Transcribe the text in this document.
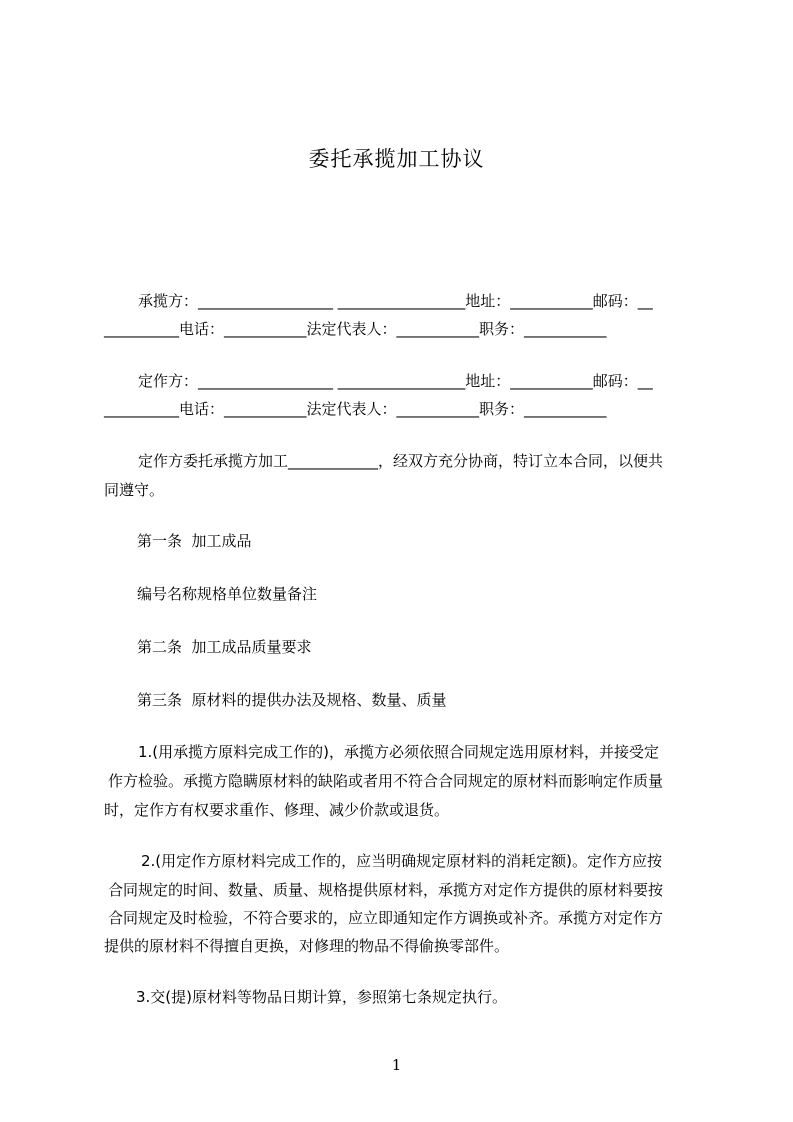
委托承揽加工协议
承揽方：__________________ _________________地址：___________邮码：__
__________电话：___________法定代表人：___________职务：___________
定作方：__________________ _________________地址：___________邮码：__
__________电话：___________法定代表人：___________职务：___________
定作方委托承揽方加工____________，经双方充分协商，特订立本合同，以便共
同遵守。
第一条  加工成品
编号名称规格单位数量备注
第二条  加工成品质量要求
第三条  原材料的提供办法及规格、数量、质量
1.(用承揽方原料完成工作的)，承揽方必须依照合同规定选用原材料，并接受定
作方检验。承揽方隐瞒原材料的缺陷或者用不符合合同规定的原材料而影响定作质量
时，定作方有权要求重作、修理、减少价款或退货。
2.(用定作方原材料完成工作的，应当明确规定原材料的消耗定额)。定作方应按
合同规定的时间、数量、质量、规格提供原材料，承揽方对定作方提供的原材料要按
合同规定及时检验，不符合要求的，应立即通知定作方调换或补齐。承揽方对定作方
提供的原材料不得擅自更换，对修理的物品不得偷换零部件。
3.交(提)原材料等物品日期计算，参照第七条规定执行。
1
